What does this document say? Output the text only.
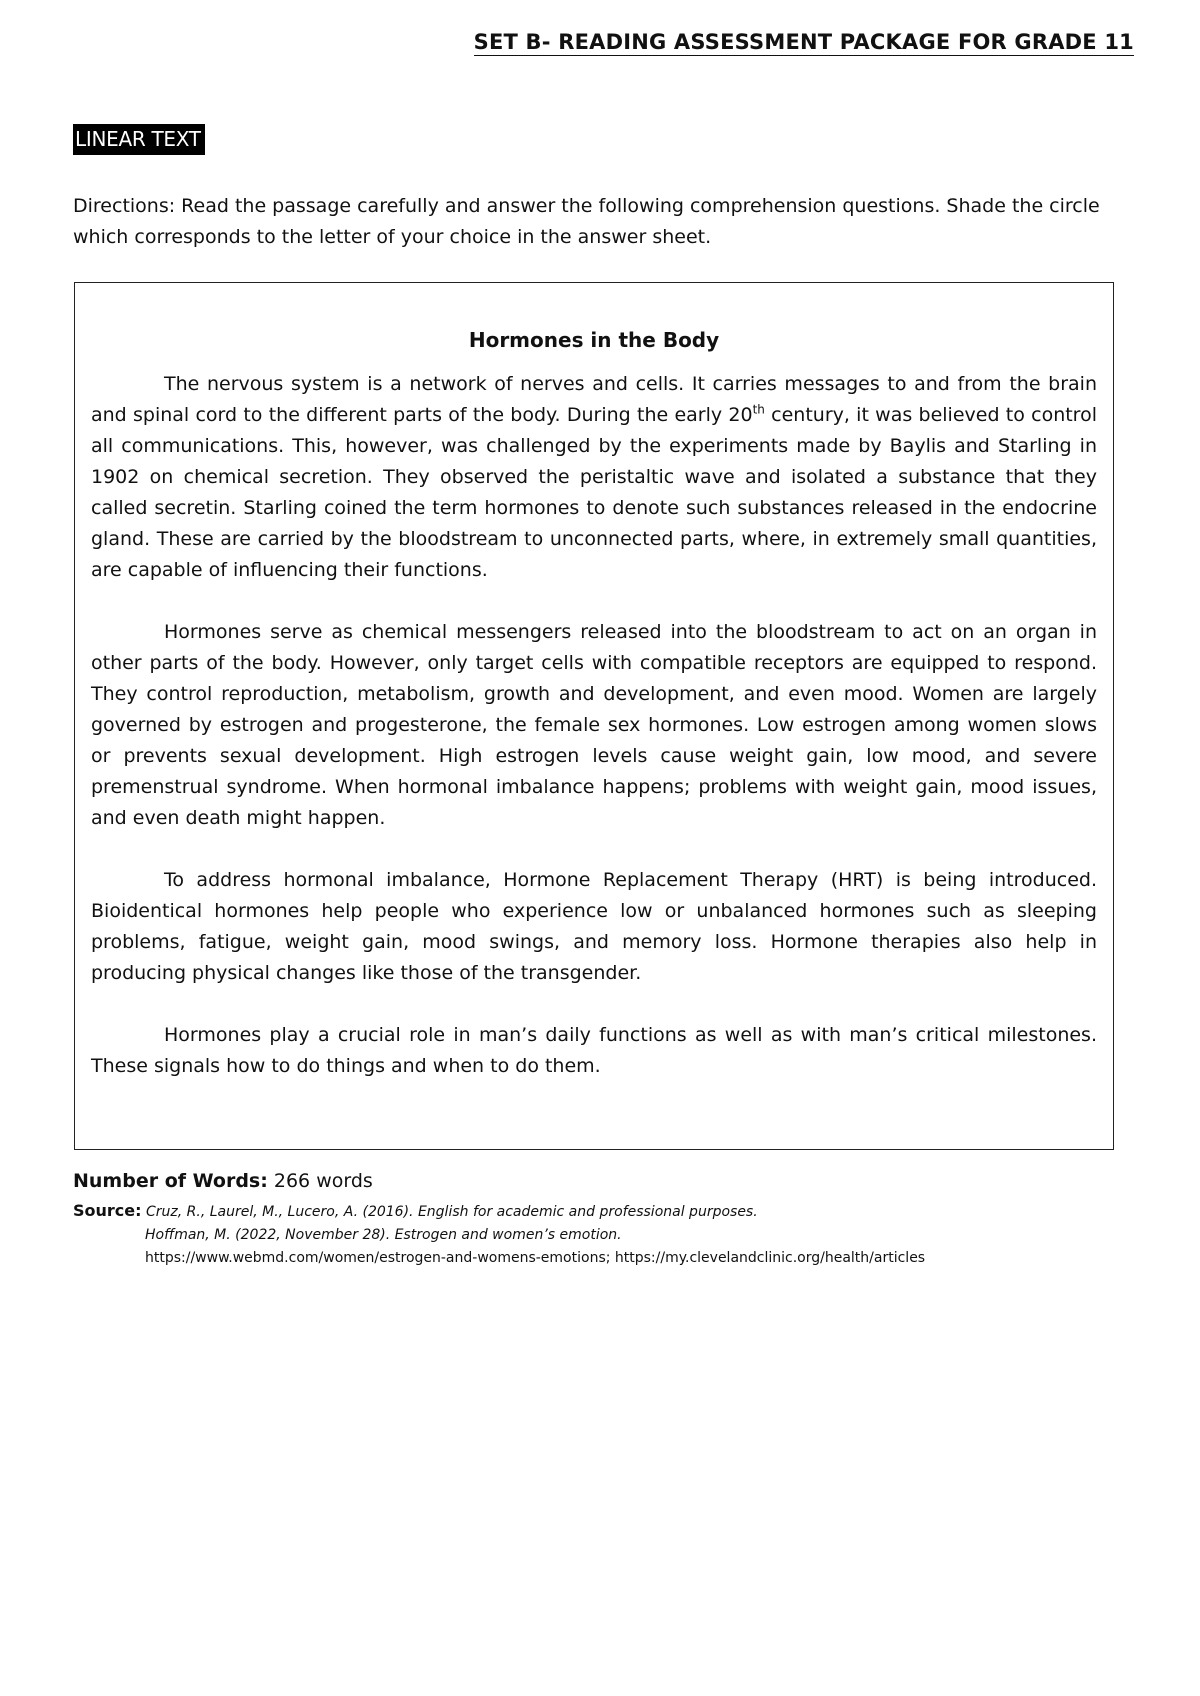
SET B- READING ASSESSMENT PACKAGE FOR GRADE 11
LINEAR TEXT

Directions: Read the passage carefully and answer the following comprehension questions. Shade the circle which corresponds to the letter of your choice in the answer sheet.

Hormones in the Body

The nervous system is a network of nerves and cells. It carries messages to and from the brain and spinal cord to the different parts of the body. During the early 20th century, it was believed to control all communications. This, however, was challenged by the experiments made by Baylis and Starling in 1902 on chemical secretion. They observed the peristaltic wave and isolated a substance that they called secretin. Starling coined the term hormones to denote such substances released in the endocrine gland. These are carried by the bloodstream to unconnected parts, where, in extremely small quantities, are capable of influencing their functions.

Hormones serve as chemical messengers released into the bloodstream to act on an organ in other parts of the body. However, only target cells with compatible receptors are equipped to respond. They control reproduction, metabolism, growth and development, and even mood. Women are largely governed by estrogen and progesterone, the female sex hormones. Low estrogen among women slows or prevents sexual development. High estrogen levels cause weight gain, low mood, and severe premenstrual syndrome. When hormonal imbalance happens; problems with weight gain, mood issues, and even death might happen.

To address hormonal imbalance, Hormone Replacement Therapy (HRT) is being introduced. Bioidentical hormones help people who experience low or unbalanced hormones such as sleeping problems, fatigue, weight gain, mood swings, and memory loss. Hormone therapies also help in producing physical changes like those of the transgender.

Hormones play a crucial role in man’s daily functions as well as with man’s critical milestones. These signals how to do things and when to do them.

Number of Words: 266 words
Source: Cruz, R., Laurel, M., Lucero, A. (2016). English for academic and professional purposes.
Hoffman, M. (2022, November 28). Estrogen and women’s emotion.
https://www.webmd.com/women/estrogen-and-womens-emotions; https://my.clevelandclinic.org/health/articles
